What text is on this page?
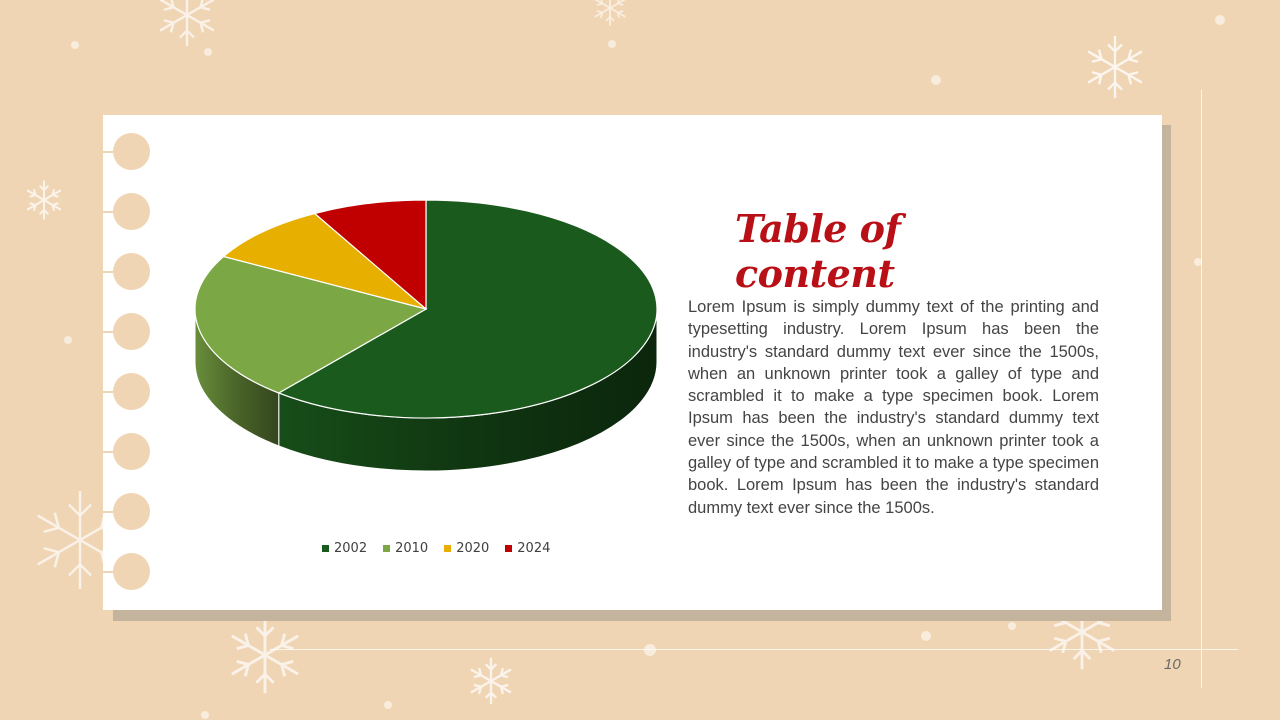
2002 2010 2020 2024
Table of content
Lorem Ipsum is simply dummy text of the printing and typesetting industry. Lorem Ipsum has been the industry's standard dummy text ever since the 1500s, when an unknown printer took a galley of type and scrambled it to make a type specimen book. Lorem Ipsum has been the industry's standard dummy text ever since the 1500s, when an unknown printer took a galley of type and scrambled it to make a type specimen book. Lorem Ipsum has been the industry's standard dummy text ever since the 1500s.
10
